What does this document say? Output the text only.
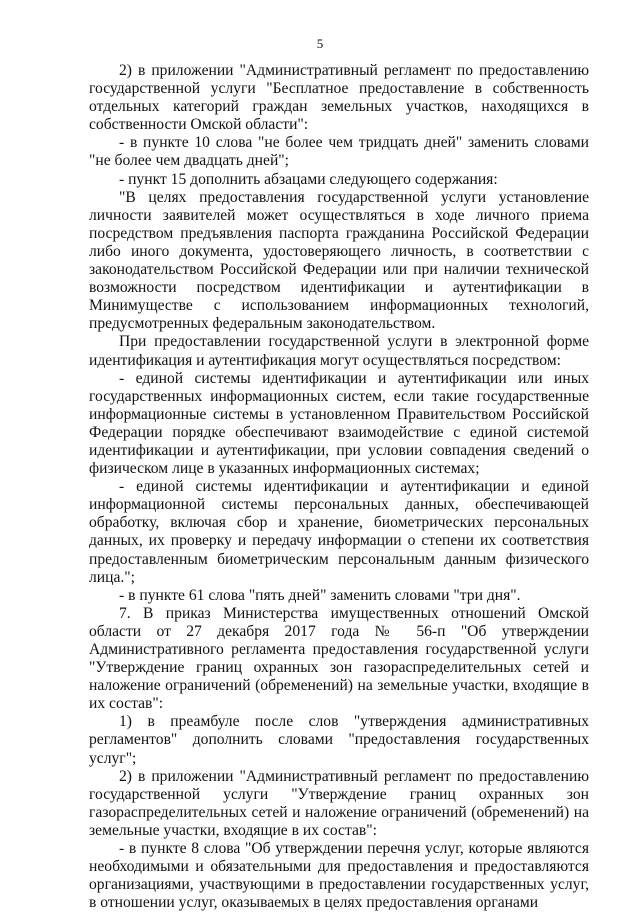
5

2) в приложении "Административный регламент по предоставлению государственной услуги "Бесплатное предоставление в собственность отдельных категорий граждан земельных участков, находящихся в собственности Омской области":

- в пункте 10 слова "не более чем тридцать дней" заменить словами "не более чем двадцать дней";

- пункт 15 дополнить абзацами следующего содержания:

"В целях предоставления государственной услуги установление личности заявителей может осуществляться в ходе личного приема посредством предъявления паспорта гражданина Российской Федерации либо иного документа, удостоверяющего личность, в соответствии с законодательством Российской Федерации или при наличии технической возможности посредством идентификации и аутентификации в Минимуществе с использованием информационных технологий, предусмотренных федеральным законодательством.

При предоставлении государственной услуги в электронной форме идентификация и аутентификация могут осуществляться посредством:

- единой системы идентификации и аутентификации или иных государственных информационных систем, если такие государственные информационные системы в установленном Правительством Российской Федерации порядке обеспечивают взаимодействие с единой системой идентификации и аутентификации, при условии совпадения сведений о физическом лице в указанных информационных системах;

- единой системы идентификации и аутентификации и единой информационной системы персональных данных, обеспечивающей обработку, включая сбор и хранение, биометрических персональных данных, их проверку и передачу информации о степени их соответствия предоставленным биометрическим персональным данным физического лица.";

- в пункте 61 слова "пять дней" заменить словами "три дня".

7. В приказ Министерства имущественных отношений Омской области от 27 декабря 2017 года № 56-п "Об утверждении Административного регламента предоставления государственной услуги "Утверждение границ охранных зон газораспределительных сетей и наложение ограничений (обременений) на земельные участки, входящие в их состав":

1) в преамбуле после слов "утверждения административных регламентов" дополнить словами "предоставления государственных услуг";

2) в приложении "Административный регламент по предоставлению государственной услуги "Утверждение границ охранных зон газораспределительных сетей и наложение ограничений (обременений) на земельные участки, входящие в их состав":

- в пункте 8 слова "Об утверждении перечня услуг, которые являются необходимыми и обязательными для предоставления и предоставляются организациями, участвующими в предоставлении государственных услуг, в отношении услуг, оказываемых в целях предоставления органами
